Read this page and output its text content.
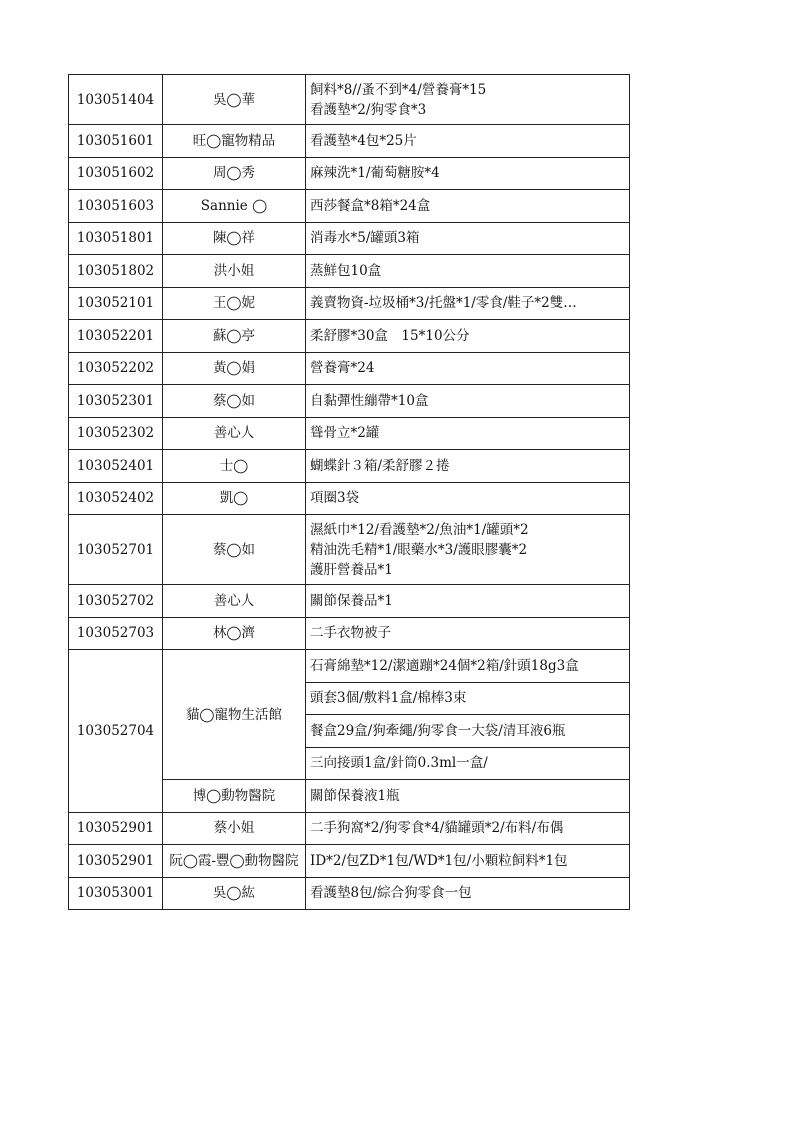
103051404	吳◯華	飼料*8//蚤不到*4/營養膏*15
看護墊*2/狗零食*3

103051601	旺◯寵物精品	看護墊*4包*25片

103051602	周◯秀	麻辣洗*1/葡萄糖胺*4

103051603	Sannie ◯	西莎餐盒*8箱*24盒

103051801	陳◯祥	消毒水*5/罐頭3箱

103051802	洪小姐	蒸鮮包10盒

103052101	王◯妮	義賣物資-垃圾桶*3/托盤*1/零食/鞋子*2雙…

103052201	蘇◯亭	柔舒膠*30盒　15*10公分

103052202	黃◯娟	營養膏*24

103052301	蔡◯如	自黏彈性繃帶*10盒

103052302	善心人	聳骨立*2罐

103052401	士◯	蝴蝶針３箱/柔舒膠２捲

103052402	凱◯	項圈3袋

103052701	蔡◯如	濕紙巾*12/看護墊*2/魚油*1/罐頭*2
精油洗毛精*1/眼藥水*3/護眼膠囊*2
護肝營養品*1

103052702	善心人	關節保養品*1

103052703	林◯濟	二手衣物被子

103052704	貓◯寵物生活館	石膏綿墊*12/潔適蹦*24個*2箱/針頭18g3盒

		頭套3個/敷料1盒/棉棒3束

		餐盒29盒/狗牽繩/狗零食一大袋/清耳液6瓶

		三向接頭1盒/針筒0.3ml一盒/

	博◯動物醫院	關節保養液1瓶

103052901	蔡小姐	二手狗窩*2/狗零食*4/貓罐頭*2/布料/布偶

103052901	阮◯霞-豐◯動物醫院	ID*2/包ZD*1包/WD*1包/小顆粒飼料*1包

103053001	吳◯紘	看護墊8包/綜合狗零食一包
